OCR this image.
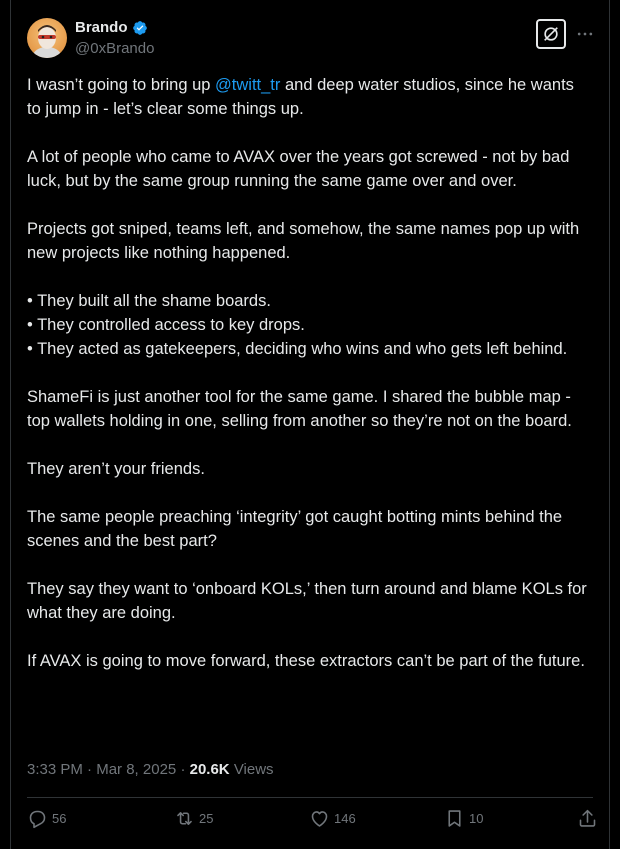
Brando
@0xBrando

I wasn’t going to bring up @twitt_tr and deep water studios, since he wants to jump in - let’s clear some things up.

A lot of people who came to AVAX over the years got screwed - not by bad luck, but by the same group running the same game over and over.

Projects got sniped, teams left, and somehow, the same names pop up with new projects like nothing happened.

• They built all the shame boards.
• They controlled access to key drops.
• They acted as gatekeepers, deciding who wins and who gets left behind.

ShameFi is just another tool for the same game. I shared the bubble map - top wallets holding in one, selling from another so they’re not on the board.

They aren’t your friends.

The same people preaching ‘integrity’ got caught botting mints behind the scenes and the best part?

They say they want to ‘onboard KOLs,’ then turn around and blame KOLs for what they are doing.

If AVAX is going to move forward, these extractors can’t be part of the future.

3:33 PM · Mar 8, 2025 · 20.6K Views
56	25	146	10
